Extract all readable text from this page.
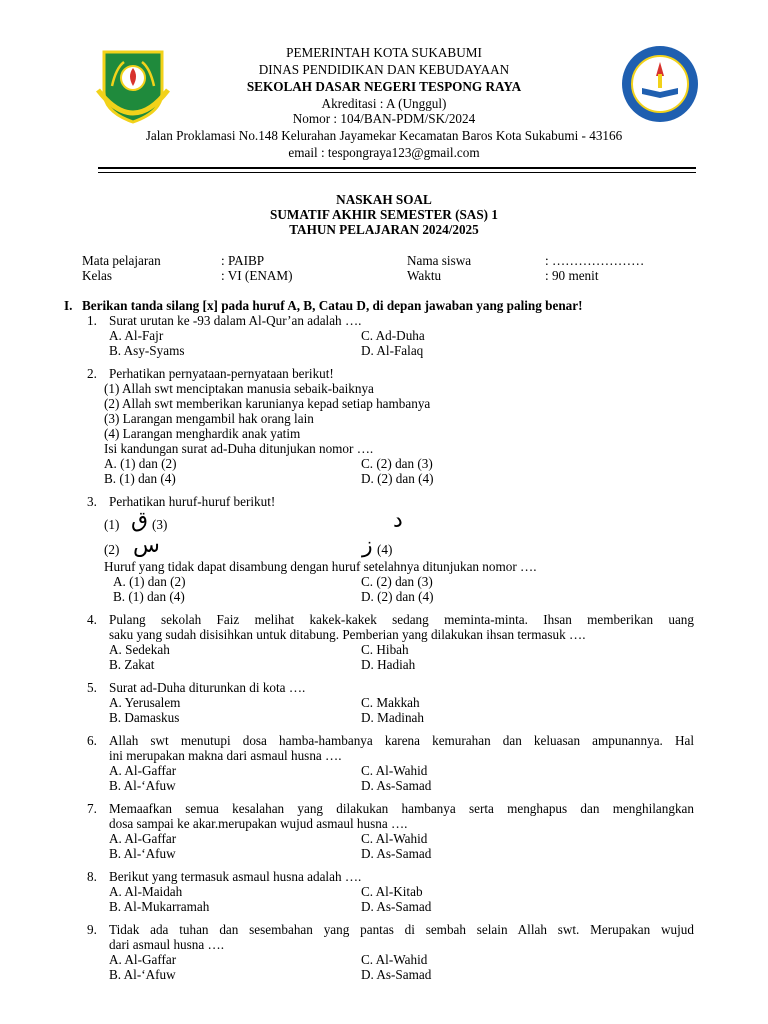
PEMERINTAH KOTA SUKABUMI
DINAS PENDIDIKAN DAN KEBUDAYAAN
SEKOLAH DASAR NEGERI TESPONG RAYA
Akreditasi : A (Unggul)
Nomor : 104/BAN-PDM/SK/2024
Jalan Proklamasi No.148 Kelurahan Jayamekar Kecamatan Baros Kota Sukabumi - 43166
email : tespongraya123@gmail.com
NASKAH SOAL
SUMATIF AKHIR SEMESTER (SAS) 1
TAHUN PELAJARAN 2024/2025
Mata pelajaran	: PAIBP	Nama siswa	: …………………
Kelas	: VI (ENAM)	Waktu	: 90 menit
I. Berikan tanda silang [x] pada huruf A, B, Catau D, di depan jawaban yang paling benar!
1. Surat urutan ke -93 dalam Al-Qur’an adalah ….
A. Al-Fajr	C. Ad-Duha
B. Asy-Syams	D. Al-Falaq
2. Perhatikan pernyataan-pernyataan berikut!
(1) Allah swt menciptakan manusia sebaik-baiknya
(2) Allah swt memberikan karunianya kepad setiap hambanya
(3) Larangan mengambil hak orang lain
(4) Larangan menghardik anak yatim
Isi kandungan surat ad-Duha ditunjukan nomor ….
A. (1) dan (2)	C. (2) dan (3)
B. (1) dan (4)	D. (2) dan (4)
3. Perhatikan huruf-huruf berikut!
(1) ق (3)	د
(2) س	ز (4)
Huruf yang tidak dapat disambung dengan huruf setelahnya ditunjukan nomor ….
A. (1) dan (2)	C. (2) dan (3)
B. (1) dan (4)	D. (2) dan (4)
4. Pulang sekolah Faiz melihat kakek-kakek sedang meminta-minta. Ihsan memberikan uang
saku yang sudah disisihkan untuk ditabung. Pemberian yang dilakukan ihsan termasuk ….
A. Sedekah	C. Hibah
B. Zakat	D. Hadiah
5. Surat ad-Duha diturunkan di kota ….
A. Yerusalem	C. Makkah
B. Damaskus	D. Madinah
6. Allah swt menutupi dosa hamba-hambanya karena kemurahan dan keluasan ampunannya. Hal
ini merupakan makna dari asmaul husna ….
A. Al-Gaffar	C. Al-Wahid
B. Al-‘Afuw	D. As-Samad
7. Memaafkan semua kesalahan yang dilakukan hambanya serta menghapus dan menghilangkan
dosa sampai ke akar.merupakan wujud asmaul husna ….
A. Al-Gaffar	C. Al-Wahid
B. Al-‘Afuw	D. As-Samad
8. Berikut yang termasuk asmaul husna adalah ….
A. Al-Maidah	C. Al-Kitab
B. Al-Mukarramah	D. As-Samad
9. Tidak ada tuhan dan sesembahan yang pantas di sembah selain Allah swt. Merupakan wujud
dari asmaul husna ….
A. Al-Gaffar	C. Al-Wahid
B. Al-‘Afuw	D. As-Samad
